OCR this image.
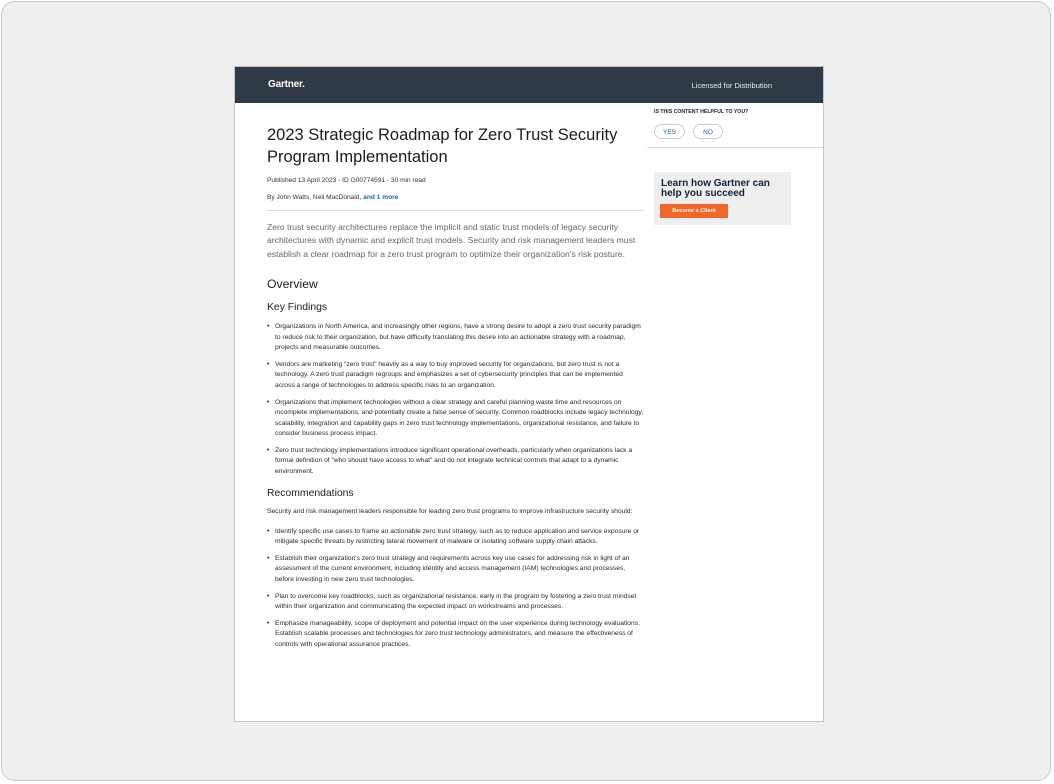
Gartner.	Licensed for Distribution
2023 Strategic Roadmap for Zero Trust Security Program Implementation
Published 13 April 2023 - ID G00774591 - 30 min read
By John Watts, Neil MacDonald, and 1 more
Zero trust security architectures replace the implicit and static trust models of legacy security architectures with dynamic and explicit trust models. Security and risk management leaders must establish a clear roadmap for a zero trust program to optimize their organization's risk posture.
Overview
Key Findings
• Organizations in North America, and increasingly other regions, have a strong desire to adopt a zero trust security paradigm to reduce risk to their organization, but have difficulty translating this desire into an actionable strategy with a roadmap, projects and measurable outcomes.
• Vendors are marketing “zero trust” heavily as a way to buy improved security for organizations, but zero trust is not a technology. A zero trust paradigm regroups and emphasizes a set of cybersecurity principles that can be implemented across a range of technologies to address specific risks to an organization.
• Organizations that implement technologies without a clear strategy and careful planning waste time and resources on incomplete implementations, and potentially create a false sense of security. Common roadblocks include legacy technology, scalability, integration and capability gaps in zero trust technology implementations, organizational resistance, and failure to consider business process impact.
• Zero trust technology implementations introduce significant operational overheads, particularly when organizations lack a formal definition of “who should have access to what” and do not integrate technical controls that adapt to a dynamic environment.
Recommendations
Security and risk management leaders responsible for leading zero trust programs to improve infrastructure security should:
• Identify specific use cases to frame an actionable zero trust strategy, such as to reduce application and service exposure or mitigate specific threats by restricting lateral movement of malware or isolating software supply chain attacks.
• Establish their organization's zero trust strategy and requirements across key use cases for addressing risk in light of an assessment of the current environment, including identity and access management (IAM) technologies and processes, before investing in new zero trust technologies.
• Plan to overcome key roadblocks, such as organizational resistance, early in the program by fostering a zero trust mindset within their organization and communicating the expected impact on workstreams and processes.
• Emphasize manageability, scope of deployment and potential impact on the user experience during technology evaluations. Establish scalable processes and technologies for zero trust technology administrators, and measure the effectiveness of controls with operational assurance practices.
IS THIS CONTENT HELPFUL TO YOU?
YES	NO
Learn how Gartner can help you succeed
Become a Client
